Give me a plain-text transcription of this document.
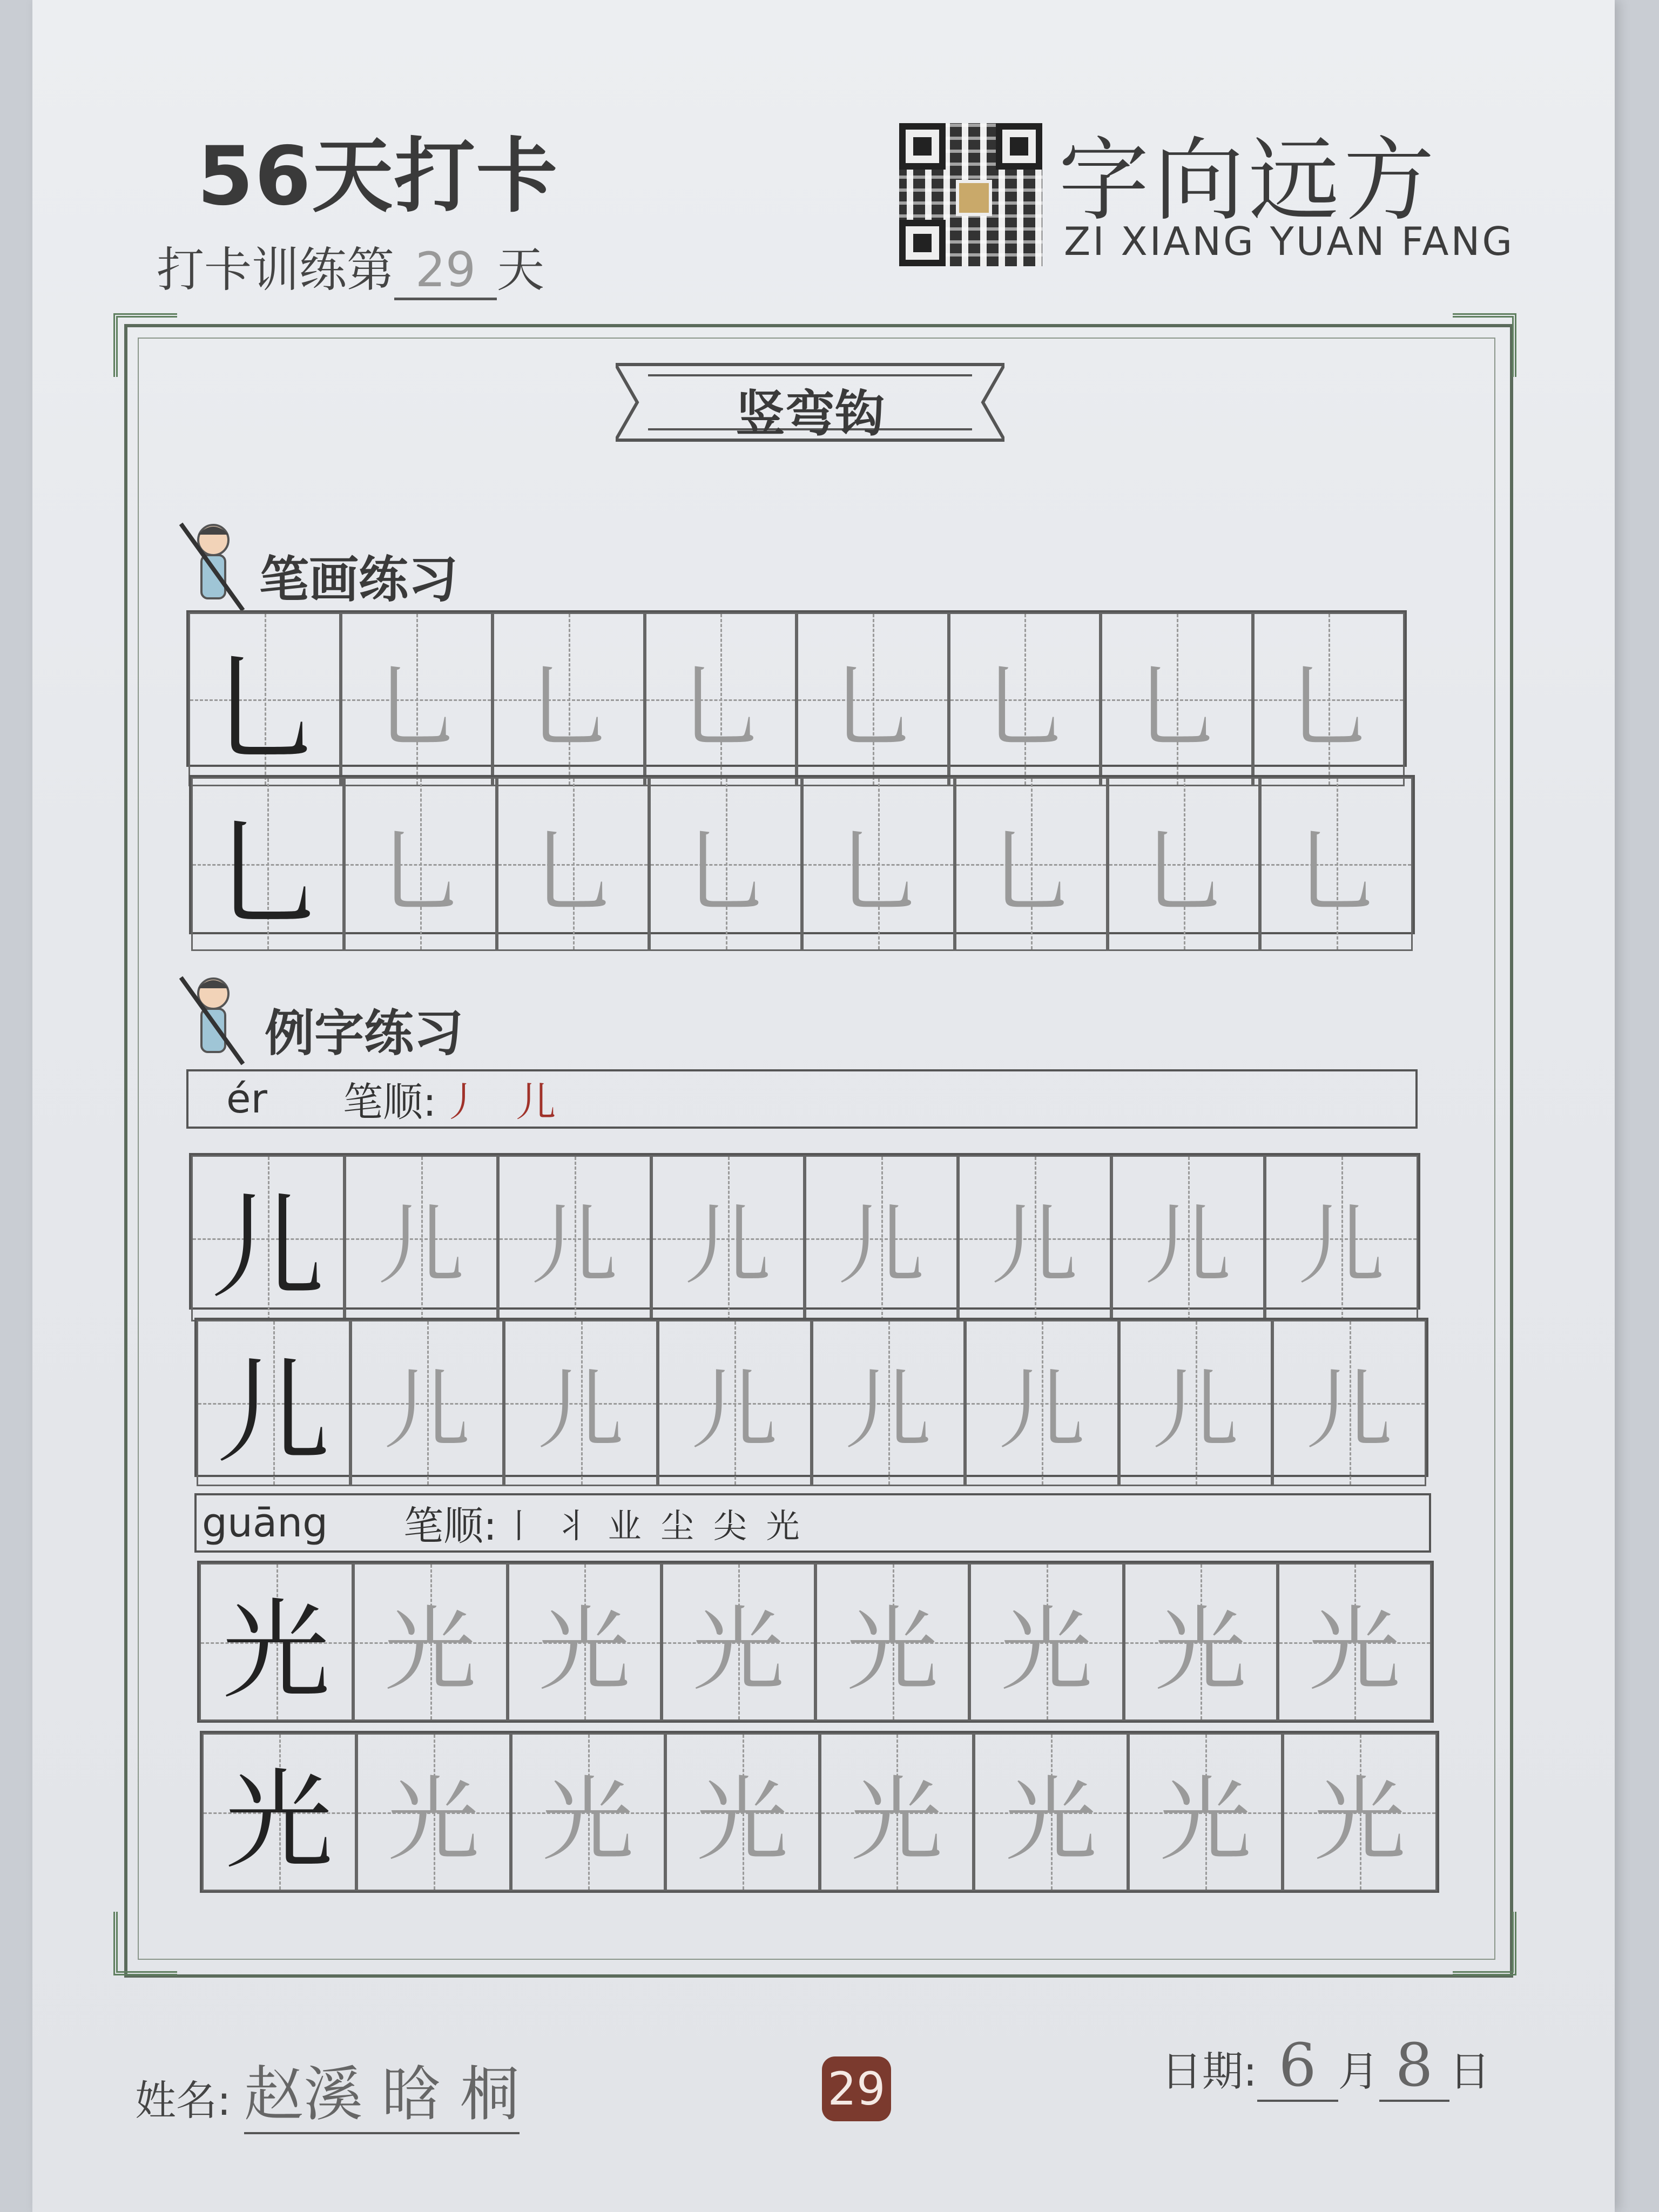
56天打卡
打卡训练第 29 天
字向远方
ZI XIANG YUAN FANG
竖弯钩
笔画练习
乚 乚 乚 乚 乚 乚 乚 乚
乚 乚 乚 乚 乚 乚 乚 乚
例字练习
ér 笔顺: 丿 儿
儿 儿 儿 儿 儿 儿 儿 儿
儿 儿 儿 儿 儿 儿 儿 儿
guāng 笔顺: 丨 丬 业 尘 尖 光
光 光 光 光 光 光 光 光
光 光 光 光 光 光 光 光
姓名: 赵溪 晗 桐	29	日期: 6 月 8 日
